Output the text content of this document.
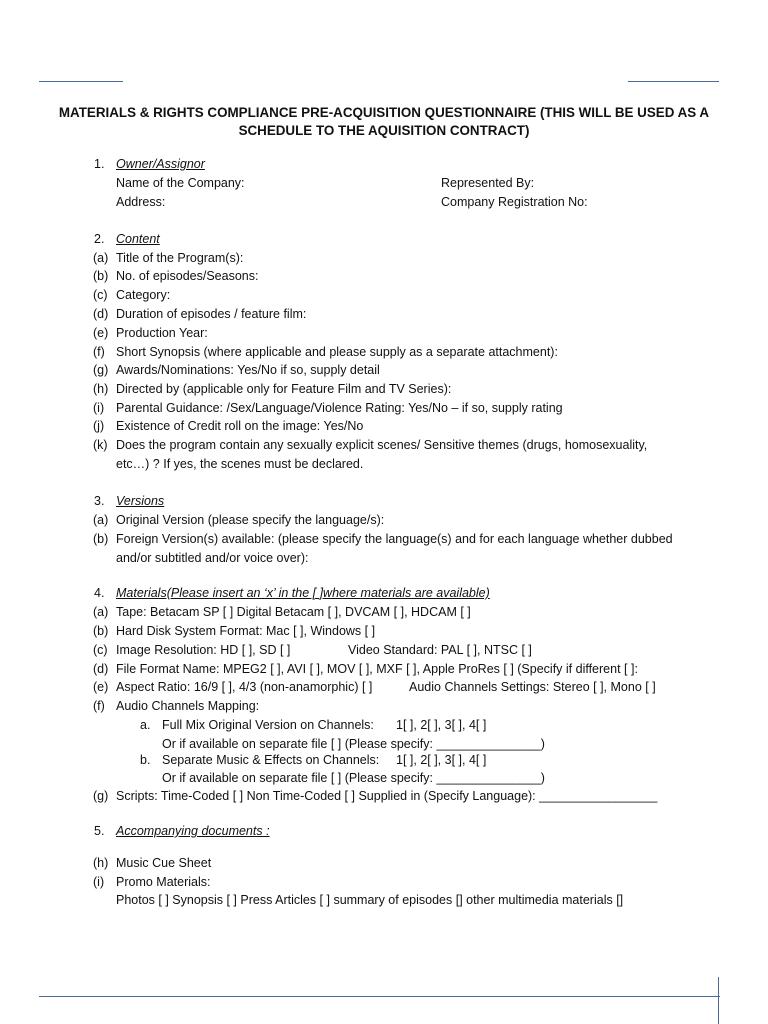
MATERIALS & RIGHTS COMPLIANCE PRE-ACQUISITION QUESTIONNAIRE (THIS WILL BE USED AS A SCHEDULE TO THE AQUISITION CONTRACT)
1. Owner/Assignor
Name of the Company:	Represented By:
Address:	Company Registration No:
2. Content
(a) Title of the Program(s):
(b) No. of episodes/Seasons:
(c) Category:
(d) Duration of episodes / feature film:
(e) Production Year:
(f) Short Synopsis (where applicable and please supply as a separate attachment):
(g) Awards/Nominations: Yes/No if so, supply detail
(h) Directed by (applicable only for Feature Film and TV Series):
(i) Parental Guidance: /Sex/Language/Violence Rating: Yes/No – if so, supply rating
(j) Existence of Credit roll on the image: Yes/No
(k) Does the program contain any sexually explicit scenes/ Sensitive themes (drugs, homosexuality,
etc…) ? If yes, the scenes must be declared.
3. Versions
(a) Original Version (please specify the language/s):
(b) Foreign Version(s) available: (please specify the language(s) and for each language whether dubbed
and/or subtitled and/or voice over):
4. Materials(Please insert an ‘x’ in the [ ]where materials are available)
(a) Tape: Betacam SP [ ] Digital Betacam [ ], DVCAM [ ], HDCAM [ ]
(b) Hard Disk System Format: Mac [ ], Windows [ ]
(c) Image Resolution: HD [ ], SD [ ]	Video Standard: PAL [ ], NTSC [ ]
(d) File Format Name: MPEG2 [ ], AVI [ ], MOV [ ], MXF [ ], Apple ProRes [ ] (Specify if different [ ]:
(e) Aspect Ratio: 16/9 [ ], 4/3 (non-anamorphic) [ ]	Audio Channels Settings: Stereo [ ], Mono [ ]
(f) Audio Channels Mapping:
a. Full Mix Original Version on Channels: 1[ ], 2[ ], 3[ ], 4[ ]
Or if available on separate file [ ] (Please specify: _______________)
b. Separate Music & Effects on Channels: 1[ ], 2[ ], 3[ ], 4[ ]
Or if available on separate file [ ] (Please specify: _______________)
(g) Scripts: Time-Coded [ ] Non Time-Coded [ ] Supplied in (Specify Language): _________________
5. Accompanying documents :
(h) Music Cue Sheet
(i) Promo Materials:
Photos [ ] Synopsis [ ] Press Articles [ ] summary of episodes [] other multimedia materials []
